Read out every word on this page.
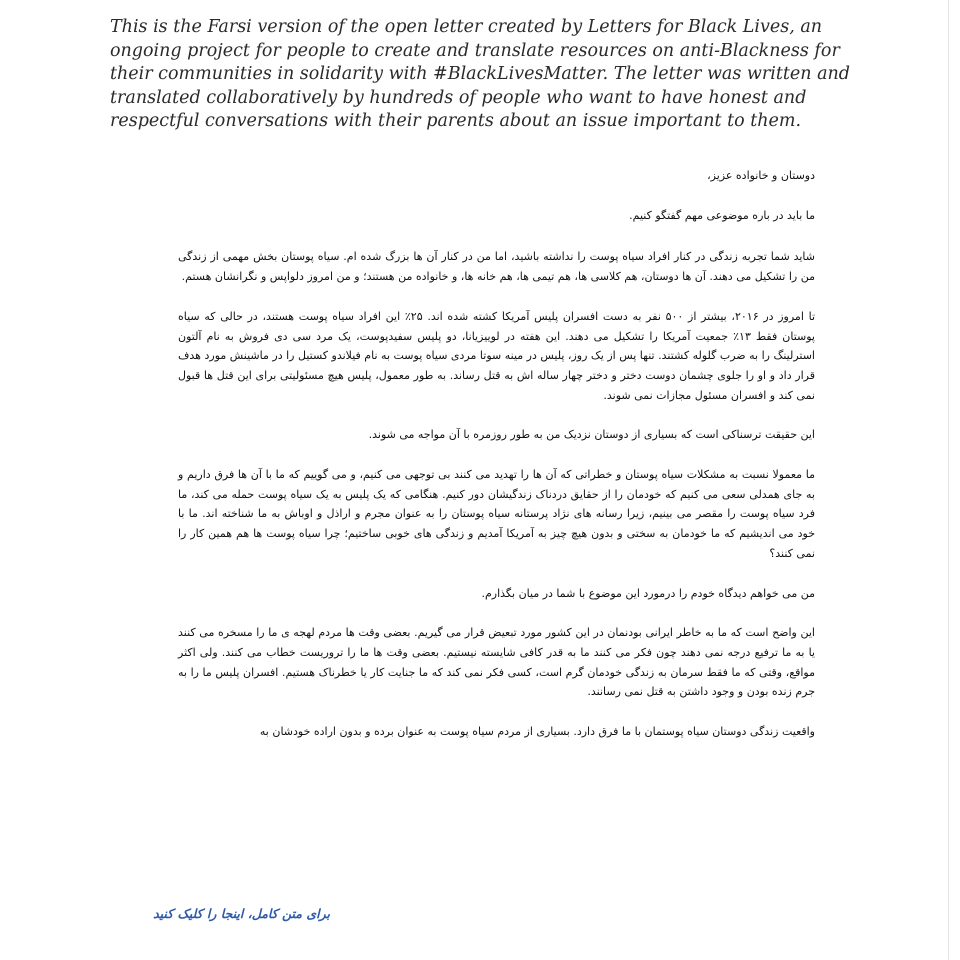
This is the Farsi version of the open letter created by Letters for Black Lives, an ongoing project for people to create and translate resources on anti-Blackness for their communities in solidarity with #BlackLivesMatter. The letter was written and translated collaboratively by hundreds of people who want to have honest and respectful conversations with their parents about an issue important to them.

دوستان و خانواده عزیز،

ما باید در باره موضوعی مهم گفتگو کنیم.

شاید شما تجربه زندگی در کنار افراد سیاه پوست را نداشته باشید، اما من در کنار آن ها بزرگ شده ام. سیاه پوستان بخش مهمی از زندگی من را تشکیل می دهند. آن ها دوستان، هم کلاسی ها، هم تیمی ها، هم خانه ها، و خانواده من هستند؛ و من امروز دلواپس و نگرانشان هستم.

تا امروز در ۲۰۱۶، بیشتر از ۵۰۰ نفر به دست افسران پلیس آمریکا کشته شده اند. ۲۵٪ این افراد سیاه پوست هستند، در حالی که سیاه پوستان فقط ۱۳٪ جمعیت آمریکا را تشکیل می دهند. این هفته در لوییزیانا، دو پلیس سفیدپوست، یک مرد سی دی فروش به نام آلتون استرلینگ را به ضرب گلوله کشتند. تنها پس از یک روز، پلیس در مینه سوتا مردی سیاه پوست به نام فیلاندو کستیل را در ماشینش مورد هدف قرار داد و او را جلوی چشمان دوست دختر و دختر چهار ساله اش به قتل رساند. به طور معمول، پلیس هیچ مسئولیتی برای این قتل ها قبول نمی کند و افسران مسئول مجازات نمی شوند.

این حقیقت ترسناکی است که بسیاری از دوستان نزدیک من به طور روزمره با آن مواجه می شوند.

ما معمولا نسبت به مشکلات سیاه پوستان و خطراتی که آن ها را تهدید می کنند بی توجهی می کنیم، و می گوییم که ما با آن ها فرق داریم و به جای همدلی سعی می کنیم که خودمان را از حقایق دردناک زندگیشان دور کنیم. هنگامی که یک پلیس به یک سیاه پوست حمله می کند، ما فرد سیاه پوست را مقصر می بینیم، زیرا رسانه های نژاد پرستانه سیاه پوستان را به عنوان مجرم و اراذل و اوباش به ما شناخته اند. ما با خود می اندیشیم که ما خودمان به سختی و بدون هیچ چیز به آمریکا آمدیم و زندگی های خوبی ساختیم؛ چرا سیاه پوست ها هم همین کار را نمی کنند؟

من می خواهم دیدگاه خودم را درمورد این موضوع با شما در میان بگذارم.

این واضح است که ما به خاطر ایرانی بودنمان در این کشور مورد تبعیض قرار می گیریم. بعضی وقت ها مردم لهجه ی ما را مسخره می کنند یا به ما ترفیع درجه نمی دهند چون فکر می کنند ما به قدر کافی شایسته نیستیم. بعضی وقت ها ما را تروریست خطاب می کنند. ولی اکثر مواقع، وقتی که ما فقط سرمان به زندگی خودمان گرم است، کسی فکر نمی کند که ما جنایت کار یا خطرناک هستیم. افسران پلیس ما را به جرم زنده بودن و وجود داشتن به قتل نمی رسانند.

واقعیت زندگی دوستان سیاه پوستمان با ما فرق دارد. بسیاری از مردم سیاه پوست به عنوان برده و بدون اراده خودشان به

برای متن کامل، اینجا را کلیک کنید
